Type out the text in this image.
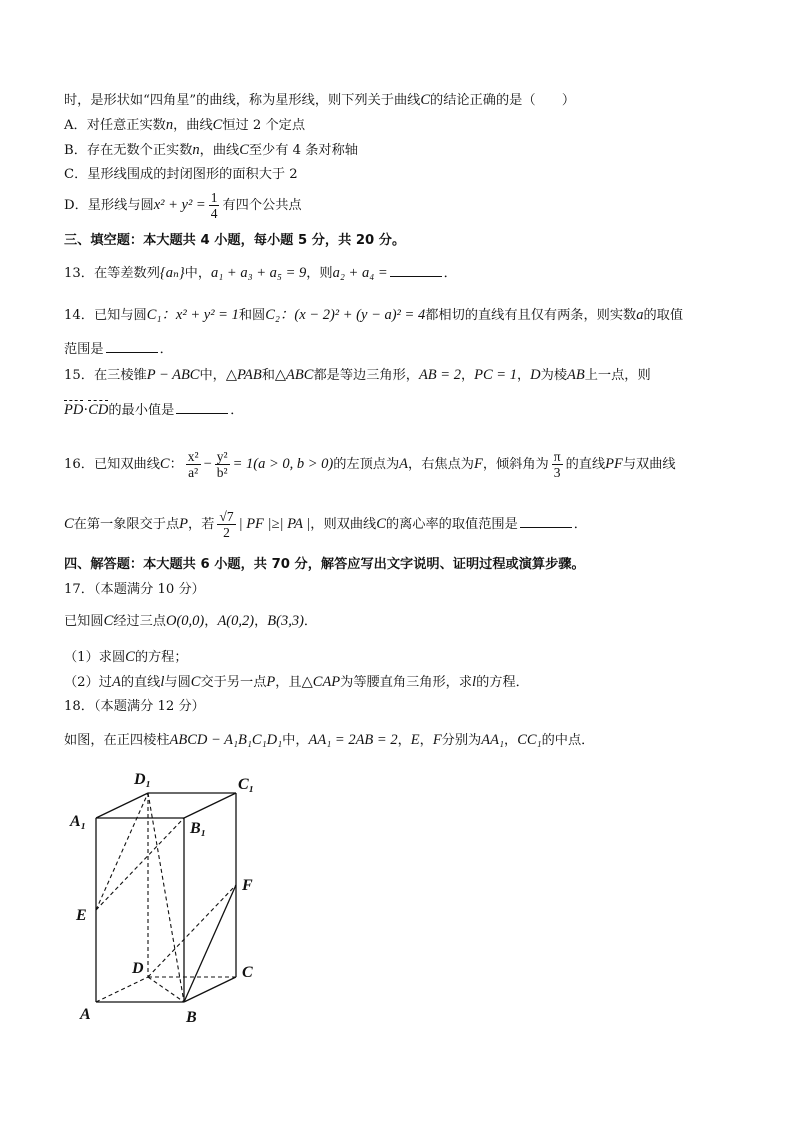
时，是形状如“四角星”的曲线，称为星形线，则下列关于曲线C的结论正确的是（　　）
A．对任意正实数n，曲线C恒过 2 个定点
B．存在无数个正实数n，曲线C至少有 4 条对称轴
C．星形线围成的封闭图形的面积大于 2
D．星形线与圆$x^2 + y^2 = \frac{1}{4}$ 有四个公共点
三、填空题：本大题共 4 小题，每小题 5 分，共 20 分。
13．在等差数列{aₙ}中，a₁ + a₃ + a₅ = 9，则a₂ + a₄ =	．
14．已知与圆C₁：x² + y² = 1和圆C₂：(x − 2)² + (y − a)² = 4都相切的直线有且仅有两条，则实数a的取值
范围是	．
15．在三棱锥P − ABC中，△PAB和△ABC都是等边三角形，AB = 2，PC = 1，D为棱AB上一点，则
PD·CD的最小值是	．
16．已知双曲线C： $\frac{\text{x²}}{\text{a²}} - \frac{\text{y²}}{\text{b²}} = 1(a > 0$, b > 0)的左顶点为A，右焦点为F，倾斜角为 $\frac{\pi}{3}$ 的直线PF与双曲线
C在第一象限交于点P，若 $\frac{√7}{2}$ | PF |≥| PA |，则双曲线C的离心率的取值范围是	．
四、解答题：本大题共 6 小题，共 70 分，解答应写出文字说明、证明过程或演算步骤。
17．（本题满分 10 分）
已知圆C经过三点O(0,0)，A(0,2)，B(3,3)．
（1）求圆C的方程；
（2）过A的直线l与圆C交于另一点P，且△CAP为等腰直角三角形，求l的方程．
18．（本题满分 12 分）
如图，在正四棱柱ABCD − A₁B₁C₁D₁中，AA₁ = 2AB = 2，E，F分别为AA₁，CC₁的中点．
D₁	C₁
A₁	B₁
F
E
D	C
A	B
